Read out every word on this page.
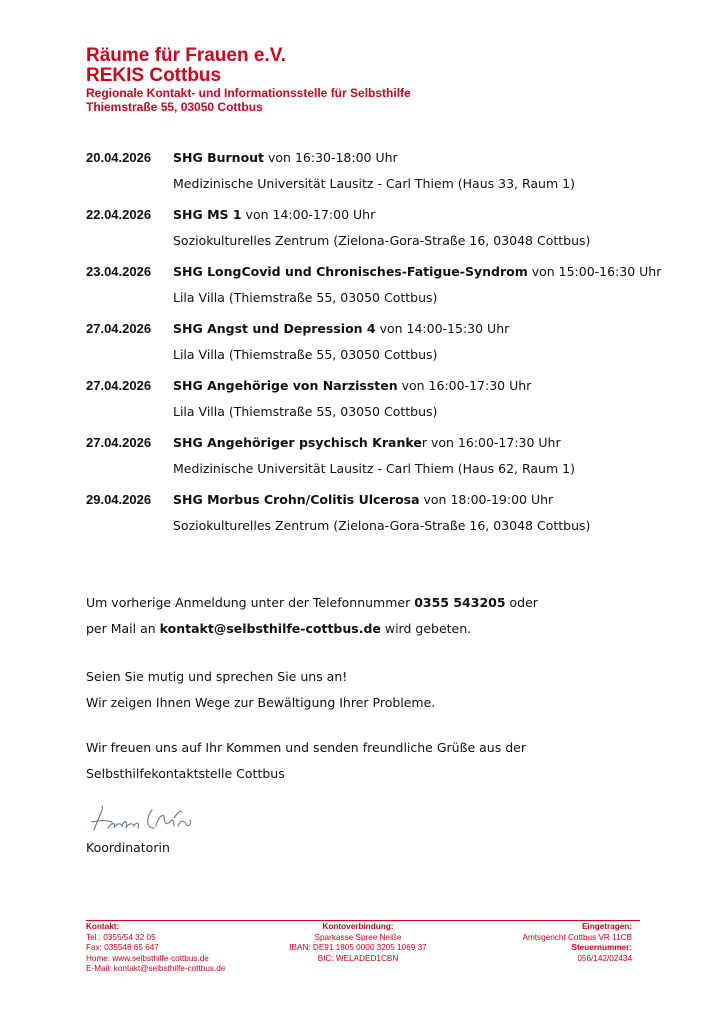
Räume für Frauen e.V.
REKIS Cottbus
Regionale Kontakt- und Informationsstelle für Selbsthilfe
Thiemstraße 55, 03050 Cottbus
20.04.2026 SHG Burnout von 16:30-18:00 Uhr
Medizinische Universität Lausitz - Carl Thiem (Haus 33, Raum 1)
22.04.2026 SHG MS 1 von 14:00-17:00 Uhr
Soziokulturelles Zentrum (Zielona-Gora-Straße 16, 03048 Cottbus)
23.04.2026 SHG LongCovid und Chronisches-Fatigue-Syndrom von 15:00-16:30 Uhr
Lila Villa (Thiemstraße 55, 03050 Cottbus)
27.04.2026 SHG Angst und Depression 4 von 14:00-15:30 Uhr
Lila Villa (Thiemstraße 55, 03050 Cottbus)
27.04.2026 SHG Angehörige von Narzissten von 16:00-17:30 Uhr
Lila Villa (Thiemstraße 55, 03050 Cottbus)
27.04.2026 SHG Angehöriger psychisch Kranker von 16:00-17:30 Uhr
Medizinische Universität Lausitz - Carl Thiem (Haus 62, Raum 1)
29.04.2026 SHG Morbus Crohn/Colitis Ulcerosa von 18:00-19:00 Uhr
Soziokulturelles Zentrum (Zielona-Gora-Straße 16, 03048 Cottbus)
Um vorherige Anmeldung unter der Telefonnummer 0355 543205 oder
per Mail an kontakt@selbsthilfe-cottbus.de wird gebeten.
Seien Sie mutig und sprechen Sie uns an!
Wir zeigen Ihnen Wege zur Bewältigung Ihrer Probleme.
Wir freuen uns auf Ihr Kommen und senden freundliche Grüße aus der
Selbsthilfekontaktstelle Cottbus
Koordinatorin
Kontakt:
Tel.: 0355/54 32 05
Fax: 035548 65 647
Home: www.selbsthilfe-cottbus.de
E-Mail: kontakt@selbsthilfe-cottbus.de
Kontoverbindung:
Sparkasse Spree Neiße
IBAN: DE91 1805 0000 3205 1069 37
BIC: WELADED1CBN
Eingetragen:
Amtsgericht Cottbus VR 11CB
Steuernummer:
056/142/02434
